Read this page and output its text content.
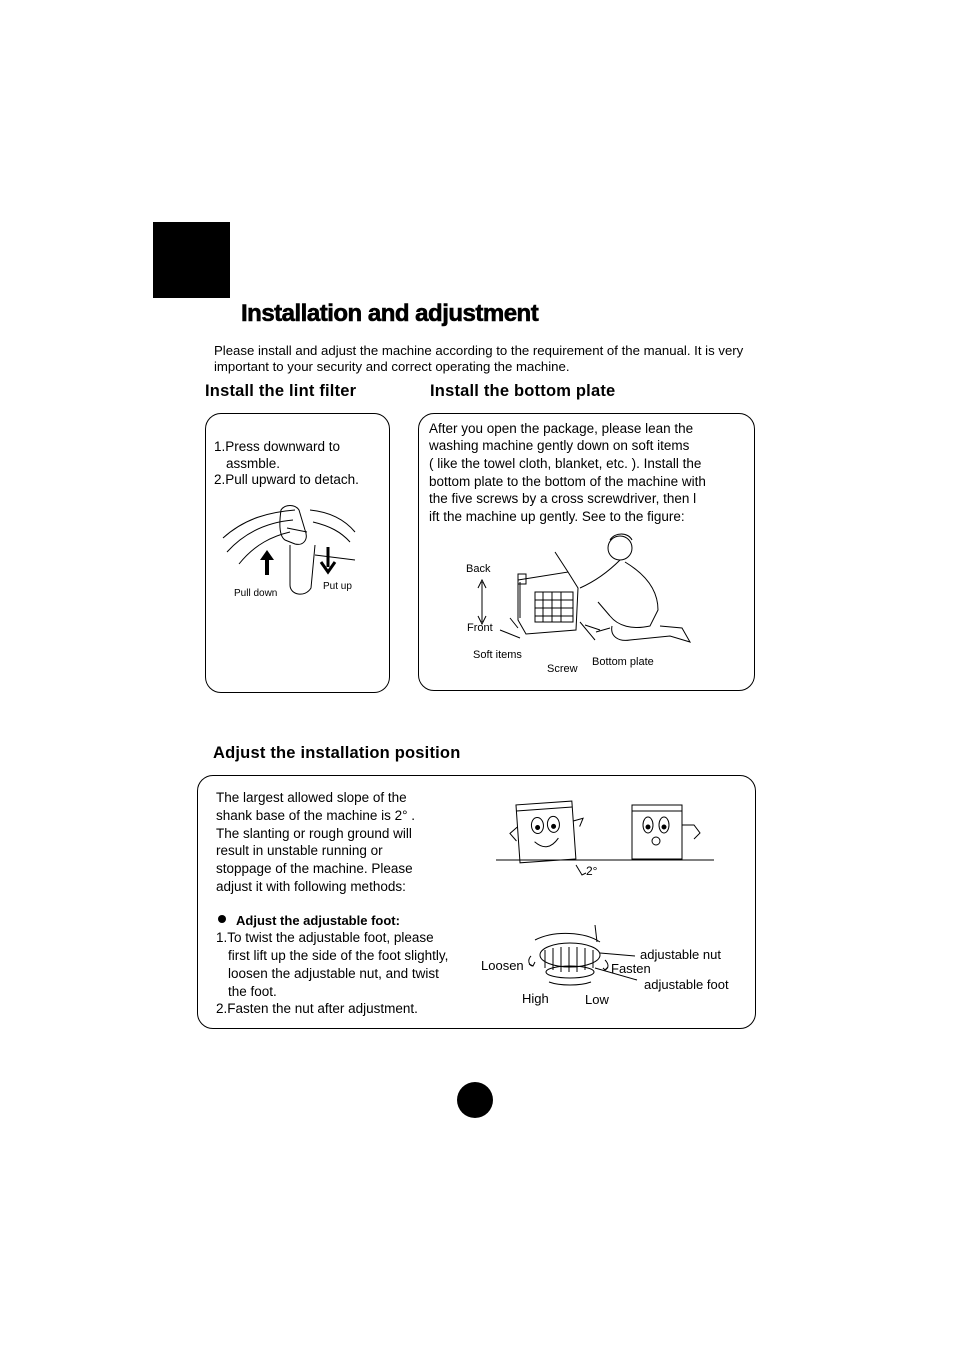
Installation and adjustment
Please install and adjust the machine according to the requirement of the manual. It is very important to your security and correct operating the machine.
Install the lint filter
1.Press downward to
assmble.
2.Pull upward to detach.
Pull down
Put up
Install the bottom plate
After you open the package, please lean the
washing machine gently down on soft items
( like the towel cloth, blanket, etc. ). Install the
bottom plate to the bottom of the machine with
the five screws by a cross screwdriver, then l
ift the machine up gently. See to the figure:
Back
Front
Soft items
Screw
Bottom plate
Adjust the installation position
The largest allowed slope of the
shank base of the machine is 2° .
The slanting or rough ground will
result in unstable running or
stoppage of the machine. Please
adjust it with following methods:
Adjust the adjustable foot:
1.To twist the adjustable foot, please
first lift up the side of the foot slightly,
loosen the adjustable nut, and twist
the foot.
2.Fasten the nut after adjustment.
2°
adjustable nut
Fasten
Loosen
adjustable foot
High	Low
